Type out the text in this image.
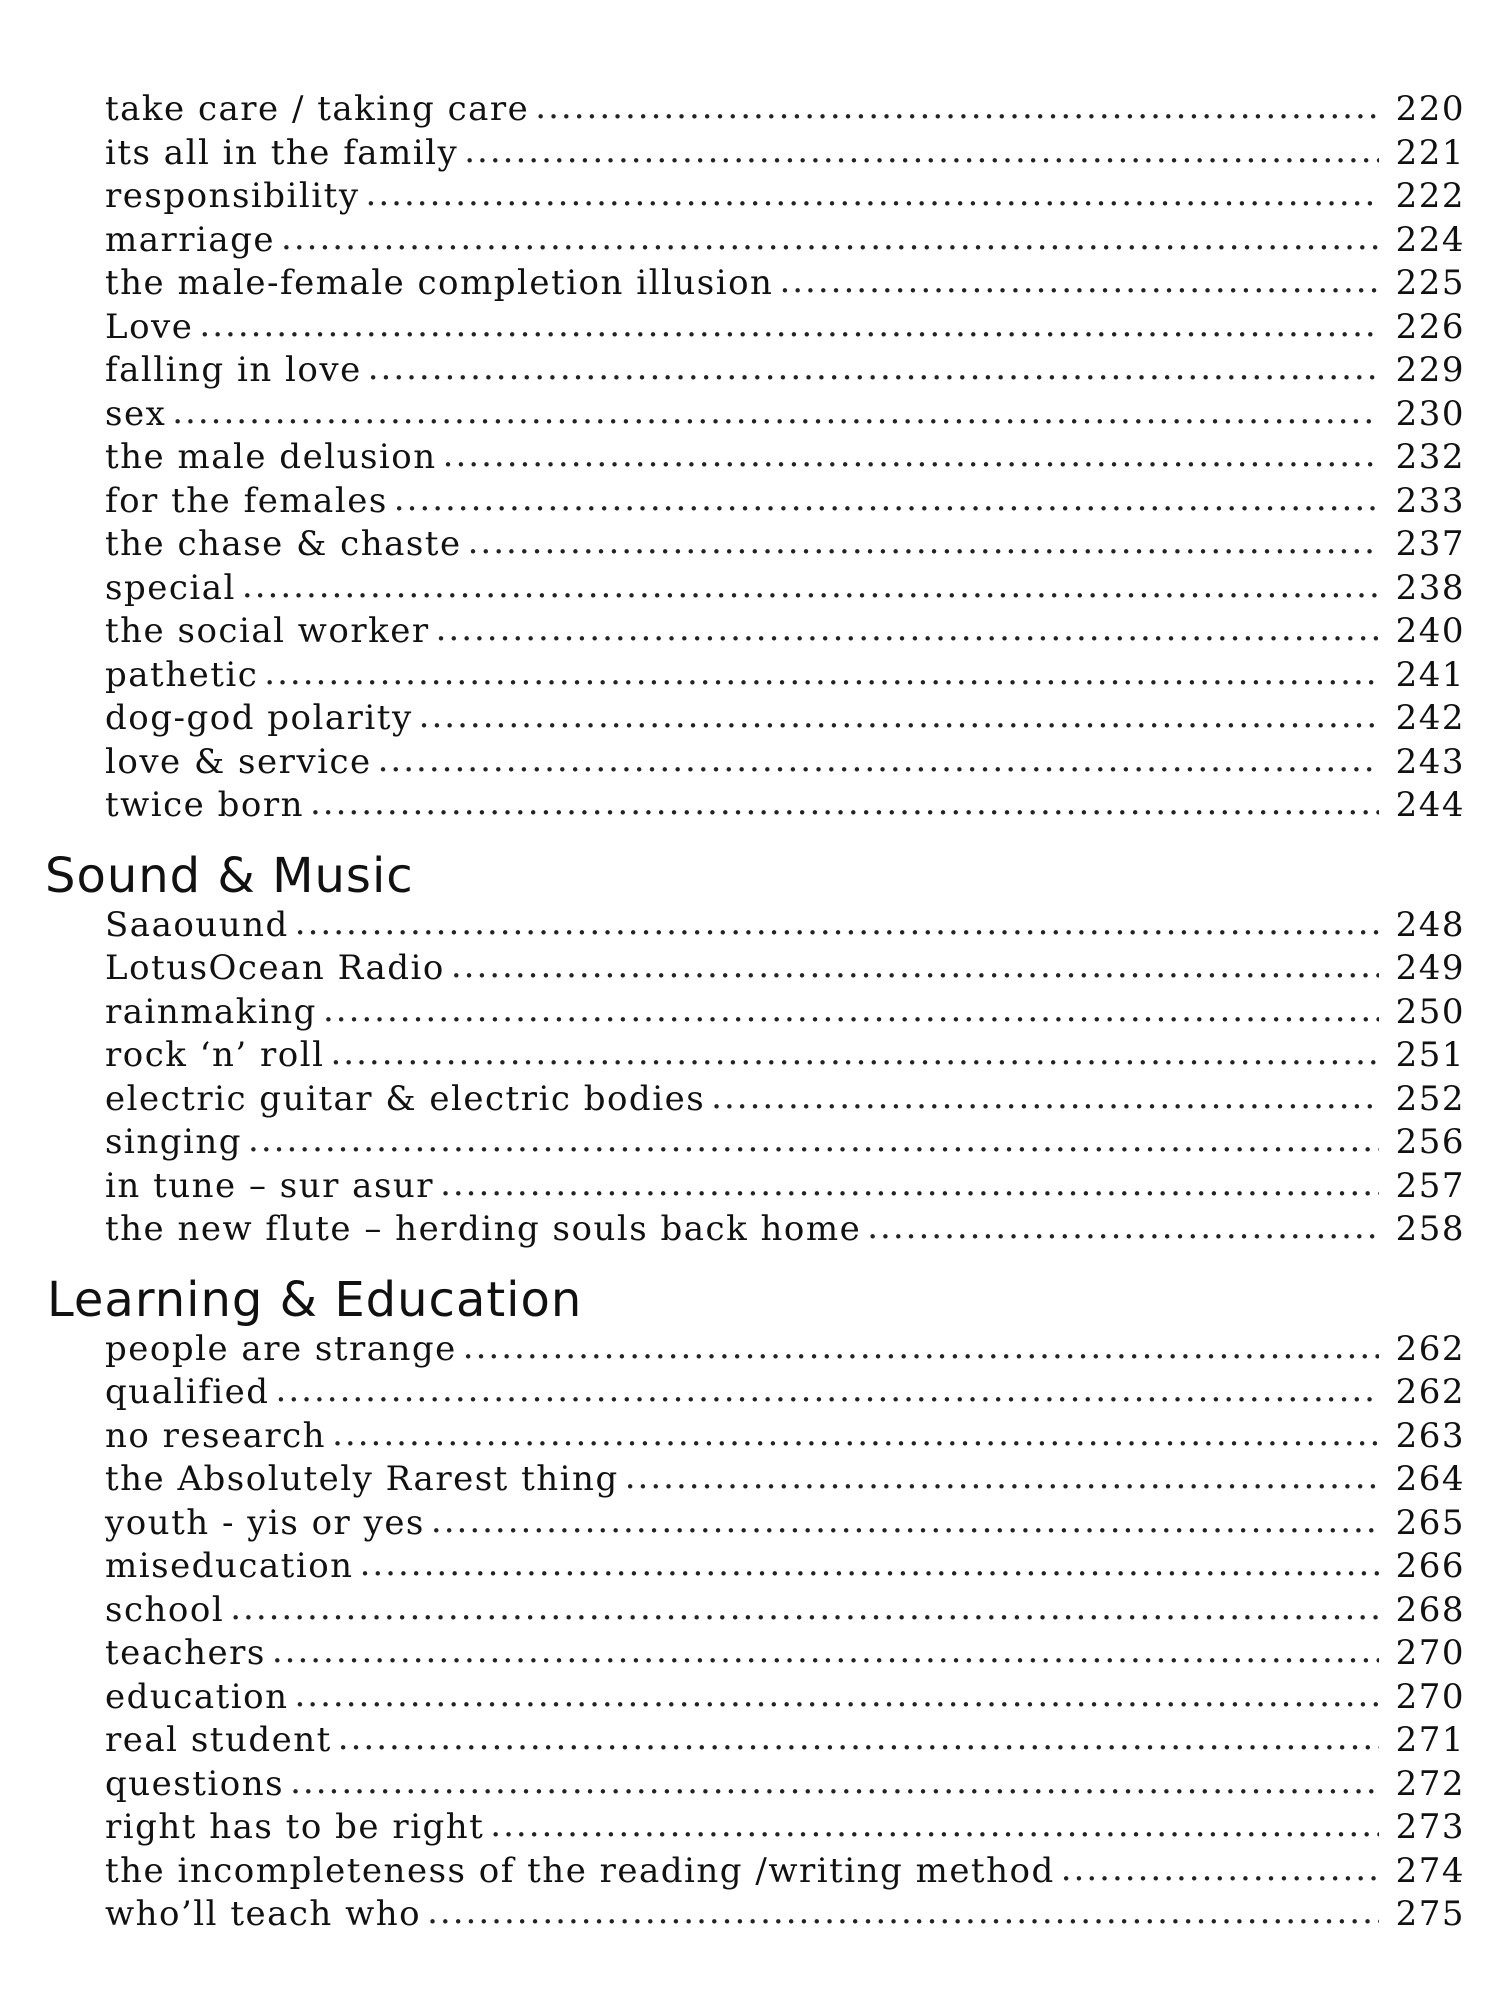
take care / taking care .....	220
its all in the family .....	221
responsibility .....	222
marriage .....	224
the male-female completion illusion .....	225
Love .....	226
falling in love .....	229
sex .....	230
the male delusion .....	232
for the females .....	233
the chase & chaste .....	237
special .....	238
the social worker .....	240
pathetic .....	241
dog-god polarity .....	242
love & service .....	243
twice born .....	244
Sound & Music
Saaouund .....	248
LotusOcean Radio .....	249
rainmaking .....	250
rock ‘n’ roll .....	251
electric guitar & electric bodies .....	252
singing .....	256
in tune – sur asur .....	257
the new flute – herding souls back home .....	258
Learning & Education
people are strange .....	262
qualified .....	262
no research .....	263
the Absolutely Rarest thing .....	264
youth - yis or yes .....	265
miseducation .....	266
school .....	268
teachers .....	270
education .....	270
real student .....	271
questions .....	272
right has to be right .....	273
the incompleteness of the reading /writing method .....	274
who’ll teach who .....	275
